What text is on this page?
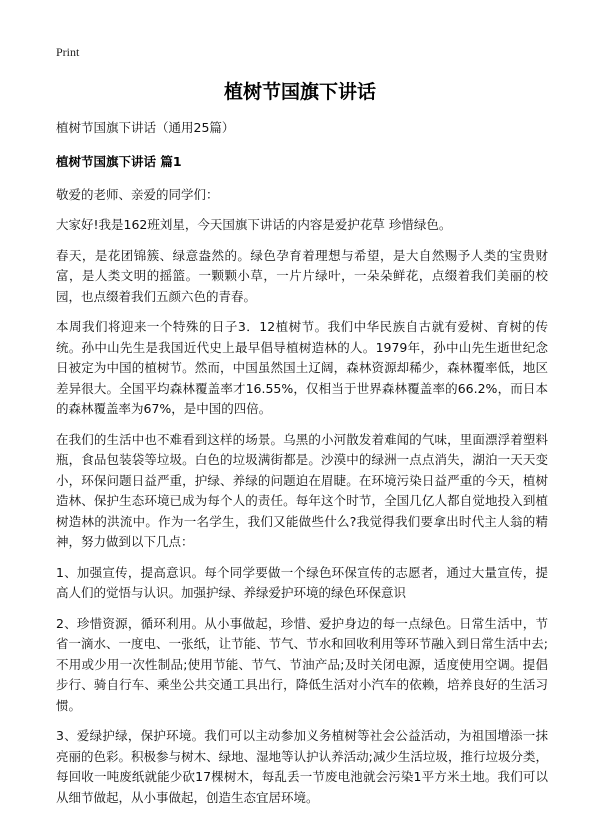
Print
植树节国旗下讲话

植树节国旗下讲话（通用25篇）

植树节国旗下讲话 篇1

敬爱的老师、亲爱的同学们：

大家好!我是162班刘星，今天国旗下讲话的内容是爱护花草 珍惜绿色。

春天，是花团锦簇、绿意盎然的。绿色孕育着理想与希望，是大自然赐予人类的宝贵财富，是人类文明的摇篮。一颗颗小草，一片片绿叶，一朵朵鲜花，点缀着我们美丽的校园，也点缀着我们五颜六色的青春。

本周我们将迎来一个特殊的日子3．12植树节。我们中华民族自古就有爱树、育树的传统。孙中山先生是我国近代史上最早倡导植树造林的人。1979年，孙中山先生逝世纪念日被定为中国的植树节。然而，中国虽然国土辽阔，森林资源却稀少，森林覆率低，地区差异很大。全国平均森林覆盖率才16.55%，仅相当于世界森林覆盖率的66.2%，而日本的森林覆盖率为67%，是中国的四倍。

在我们的生活中也不难看到这样的场景。乌黑的小河散发着难闻的气味，里面漂浮着塑料瓶，食品包装袋等垃圾。白色的垃圾满街都是。沙漠中的绿洲一点点消失，湖泊一天天变小，环保问题日益严重，护绿、养绿的问题迫在眉睫。在环境污染日益严重的今天，植树造林、保护生态环境已成为每个人的责任。每年这个时节，全国几亿人都自觉地投入到植树造林的洪流中。作为一名学生，我们又能做些什么?我觉得我们要拿出时代主人翁的精神，努力做到以下几点：

1、加强宣传，提高意识。每个同学要做一个绿色环保宣传的志愿者，通过大量宣传，提高人们的觉悟与认识。加强护绿、养绿爱护环境的绿色环保意识

2、珍惜资源，循环利用。从小事做起，珍惜、爱护身边的每一点绿色。日常生活中，节省一滴水、一度电、一张纸，让节能、节气、节水和回收利用等环节融入到日常生活中去;不用或少用一次性制品;使用节能、节气、节油产品;及时关闭电源，适度使用空调。提倡步行、骑自行车、乘坐公共交通工具出行，降低生活对小汽车的依赖，培养良好的生活习惯。

3、爱绿护绿，保护环境。我们可以主动参加义务植树等社会公益活动，为祖国增添一抹亮丽的色彩。积极参与树木、绿地、湿地等认护认养活动;减少生活垃圾，推行垃圾分类，每回收一吨废纸就能少砍17棵树木，每乱丢一节废电池就会污染1平方米土地。我们可以从细节做起，从小事做起，创造生态宜居环境。
